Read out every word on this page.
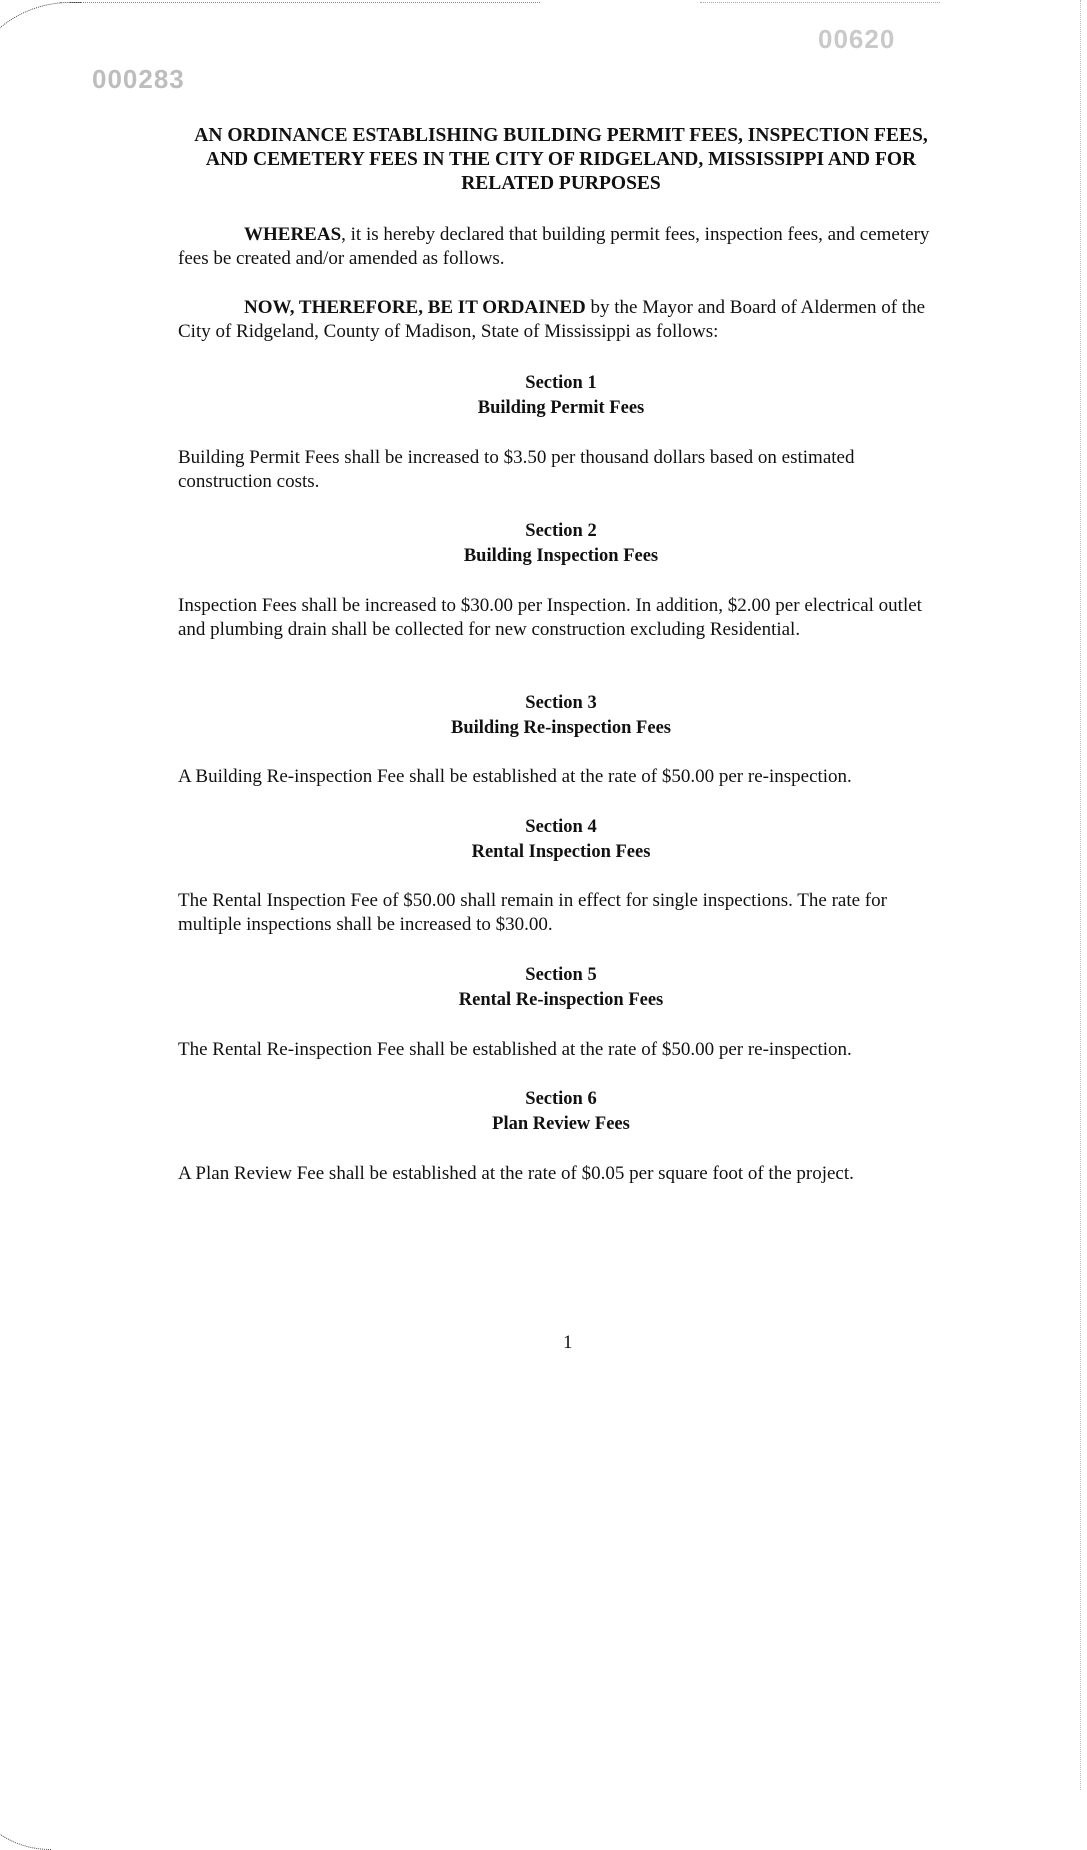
000283
00620
AN ORDINANCE ESTABLISHING BUILDING PERMIT FEES, INSPECTION FEES, AND CEMETERY FEES IN THE CITY OF RIDGELAND, MISSISSIPPI AND FOR RELATED PURPOSES

WHEREAS, it is hereby declared that building permit fees, inspection fees, and cemetery fees be created and/or amended as follows.

NOW, THEREFORE, BE IT ORDAINED by the Mayor and Board of Aldermen of the City of Ridgeland, County of Madison, State of Mississippi as follows:

Section 1
Building Permit Fees

Building Permit Fees shall be increased to $3.50 per thousand dollars based on estimated construction costs.

Section 2
Building Inspection Fees

Inspection Fees shall be increased to $30.00 per Inspection. In addition, $2.00 per electrical outlet and plumbing drain shall be collected for new construction excluding Residential.

Section 3
Building Re-inspection Fees

A Building Re-inspection Fee shall be established at the rate of $50.00 per re-inspection.

Section 4
Rental Inspection Fees

The Rental Inspection Fee of $50.00 shall remain in effect for single inspections. The rate for multiple inspections shall be increased to $30.00.

Section 5
Rental Re-inspection Fees

The Rental Re-inspection Fee shall be established at the rate of $50.00 per re-inspection.

Section 6
Plan Review Fees

A Plan Review Fee shall be established at the rate of $0.05 per square foot of the project.

1
